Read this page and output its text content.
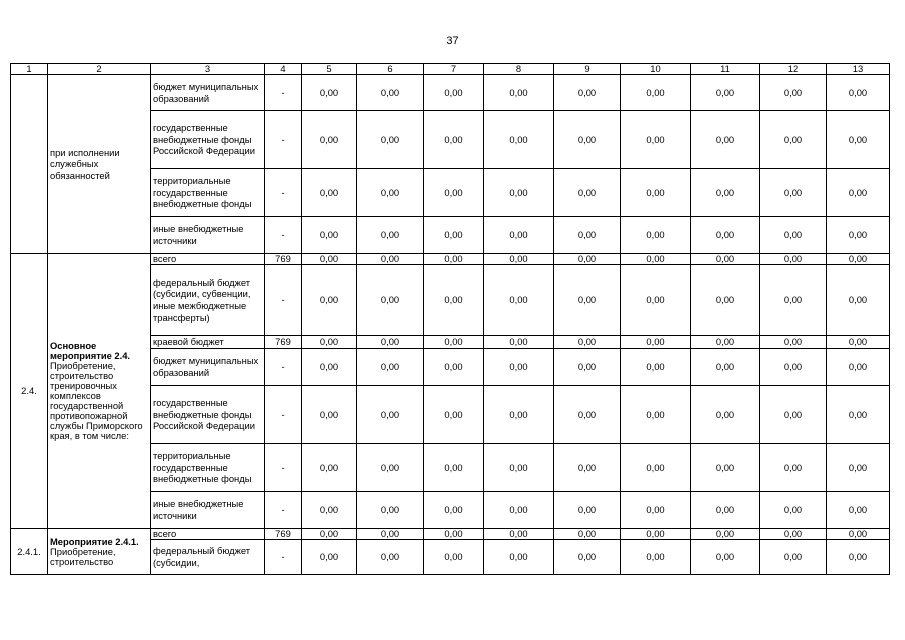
37
1	2	3	4	5	6	7	8	9	10	11	12	13

	при исполнении служебных обязанностей	бюджет муниципальных образований	-	0,00	0,00	0,00	0,00	0,00	0,00	0,00	0,00	0,00
		государственные внебюджетные фонды Российской Федерации	-	0,00	0,00	0,00	0,00	0,00	0,00	0,00	0,00	0,00
		территориальные государственные внебюджетные фонды	-	0,00	0,00	0,00	0,00	0,00	0,00	0,00	0,00	0,00
		иные внебюджетные источники	-	0,00	0,00	0,00	0,00	0,00	0,00	0,00	0,00	0,00
2.4.	Основное мероприятие 2.4.
Приобретение, строительство тренировочных комплексов государственной противопожарной службы Приморского края, в том числе:	всего	769	0,00	0,00	0,00	0,00	0,00	0,00	0,00	0,00	0,00
		федеральный бюджет (субсидии, субвенции, иные межбюджетные трансферты)	-	0,00	0,00	0,00	0,00	0,00	0,00	0,00	0,00	0,00
		краевой бюджет	769	0,00	0,00	0,00	0,00	0,00	0,00	0,00	0,00	0,00
		бюджет муниципальных образований	-	0,00	0,00	0,00	0,00	0,00	0,00	0,00	0,00	0,00
		государственные внебюджетные фонды Российской Федерации	-	0,00	0,00	0,00	0,00	0,00	0,00	0,00	0,00	0,00
		территориальные государственные внебюджетные фонды	-	0,00	0,00	0,00	0,00	0,00	0,00	0,00	0,00	0,00
		иные внебюджетные источники	-	0,00	0,00	0,00	0,00	0,00	0,00	0,00	0,00	0,00
2.4.1.	Мероприятие 2.4.1.
Приобретение, строительство	всего	769	0,00	0,00	0,00	0,00	0,00	0,00	0,00	0,00	0,00
		федеральный бюджет (субсидии,	-	0,00	0,00	0,00	0,00	0,00	0,00	0,00	0,00	0,00
